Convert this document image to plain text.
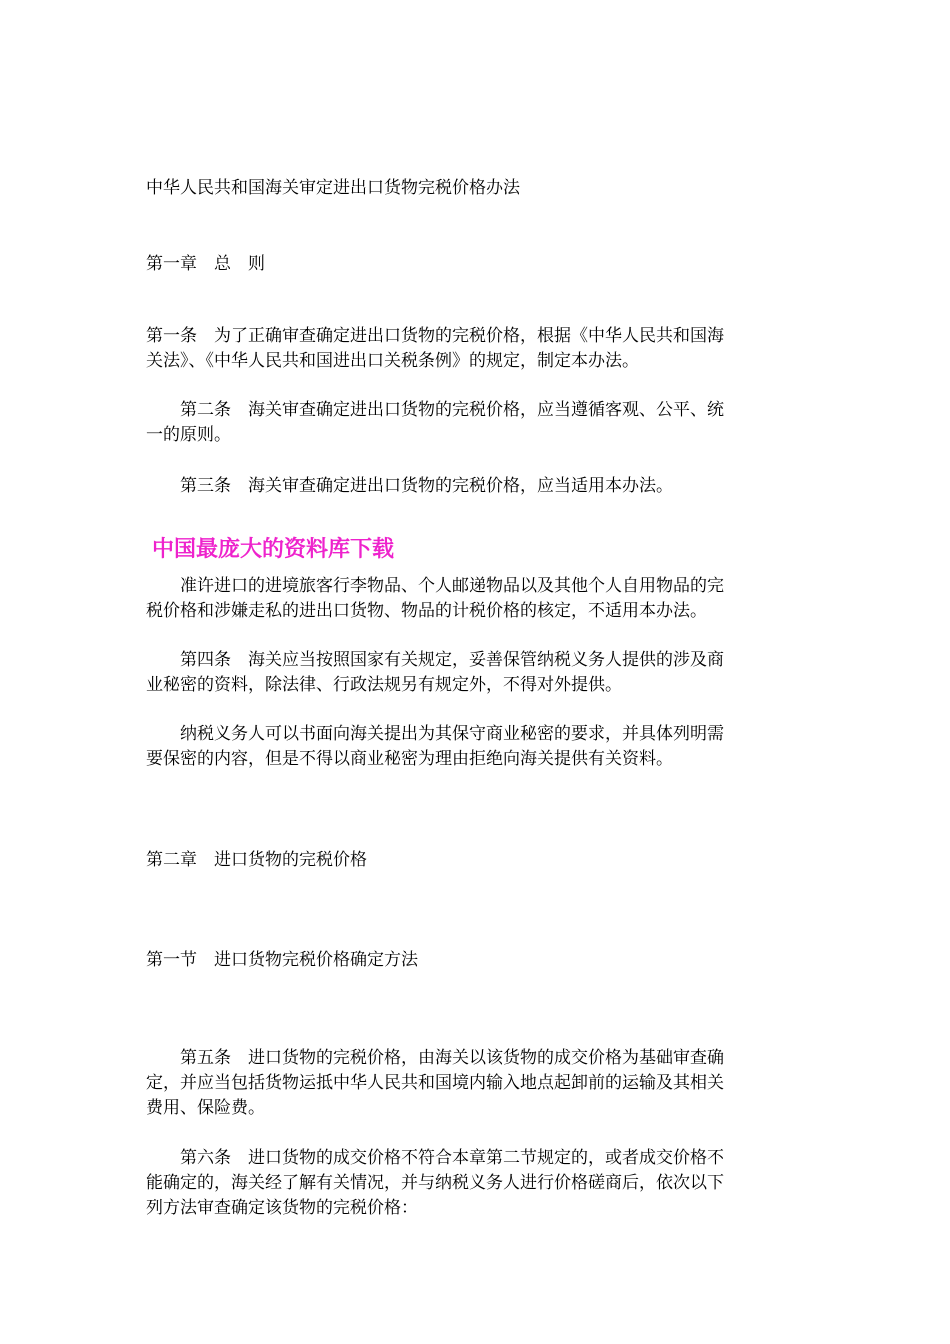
中华人民共和国海关审定进出口货物完税价格办法

第一章　总　则

第一条　为了正确审查确定进出口货物的完税价格，根据《中华人民共和国海
关法》、《中华人民共和国进出口关税条例》的规定，制定本办法。

　　第二条　海关审查确定进出口货物的完税价格，应当遵循客观、公平、统
一的原则。

　　第三条　海关审查确定进出口货物的完税价格，应当适用本办法。

中国最庞大的资料库下载

　　准许进口的进境旅客行李物品、个人邮递物品以及其他个人自用物品的完
税价格和涉嫌走私的进出口货物、物品的计税价格的核定，不适用本办法。

　　第四条　海关应当按照国家有关规定，妥善保管纳税义务人提供的涉及商
业秘密的资料，除法律、行政法规另有规定外，不得对外提供。

　　纳税义务人可以书面向海关提出为其保守商业秘密的要求，并具体列明需
要保密的内容，但是不得以商业秘密为理由拒绝向海关提供有关资料。

第二章　进口货物的完税价格

第一节　进口货物完税价格确定方法

　　第五条　进口货物的完税价格，由海关以该货物的成交价格为基础审查确
定，并应当包括货物运抵中华人民共和国境内输入地点起卸前的运输及其相关
费用、保险费。

　　第六条　进口货物的成交价格不符合本章第二节规定的，或者成交价格不
能确定的，海关经了解有关情况，并与纳税义务人进行价格磋商后，依次以下
列方法审查确定该货物的完税价格：
